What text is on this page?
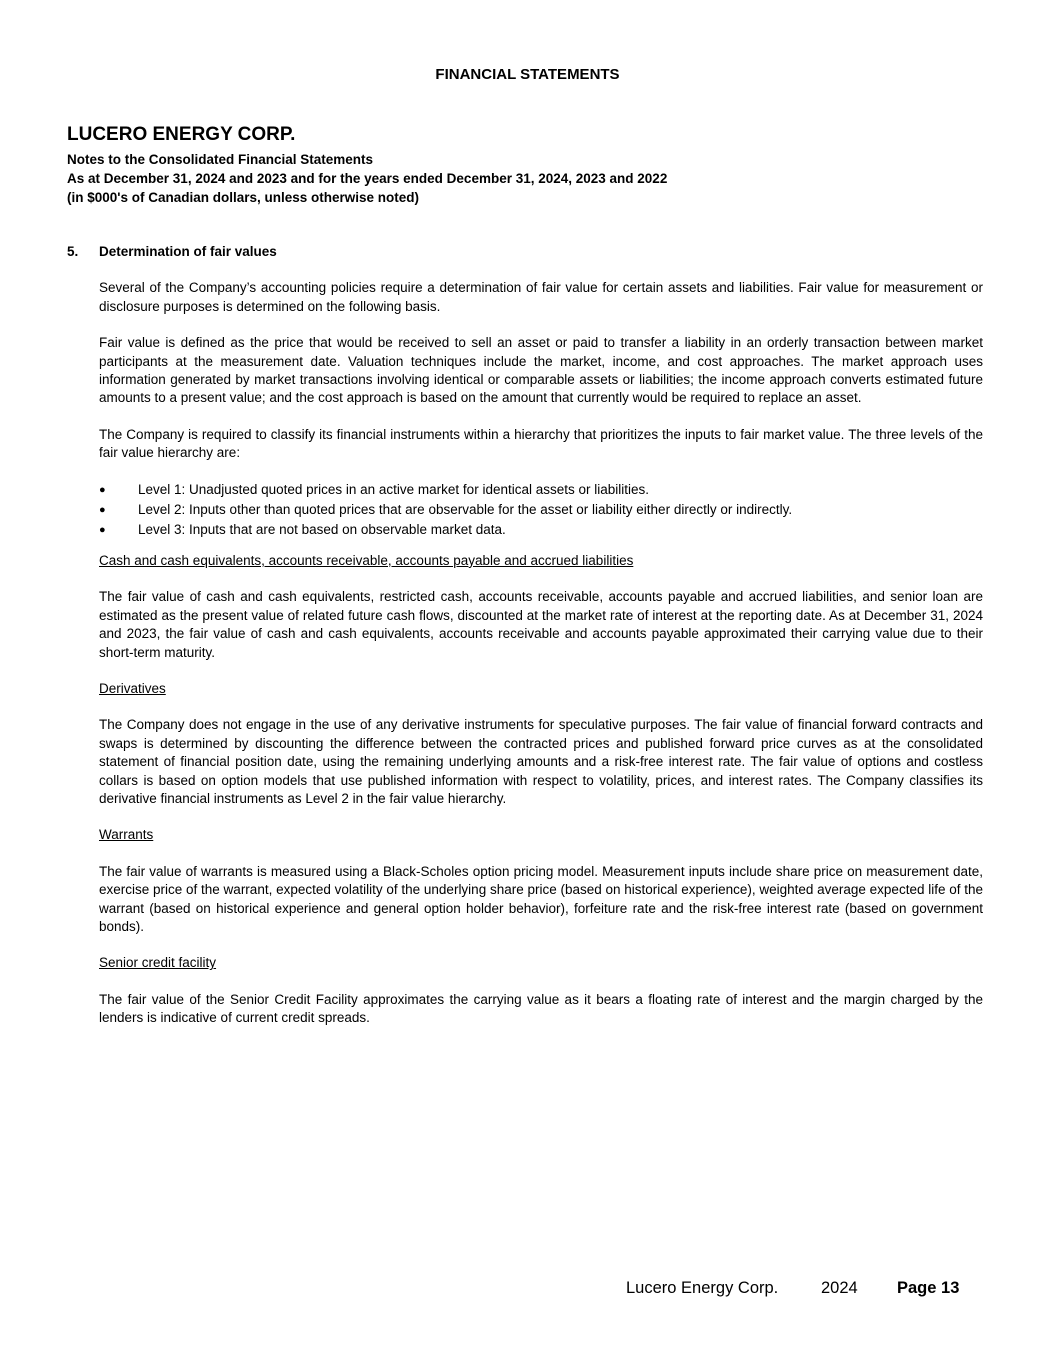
FINANCIAL STATEMENTS
LUCERO ENERGY CORP.
Notes to the Consolidated Financial Statements
As at December 31, 2024 and 2023 and for the years ended December 31, 2024, 2023 and 2022
(in $000's of Canadian dollars, unless otherwise noted)
5.	Determination of fair values

Several of the Company’s accounting policies require a determination of fair value for certain assets and liabilities. Fair value for measurement or disclosure purposes is determined on the following basis.

Fair value is defined as the price that would be received to sell an asset or paid to transfer a liability in an orderly transaction between market participants at the measurement date. Valuation techniques include the market, income, and cost approaches. The market approach uses information generated by market transactions involving identical or comparable assets or liabilities; the income approach converts estimated future amounts to a present value; and the cost approach is based on the amount that currently would be required to replace an asset.

The Company is required to classify its financial instruments within a hierarchy that prioritizes the inputs to fair market value. The three levels of the fair value hierarchy are:

●	Level 1: Unadjusted quoted prices in an active market for identical assets or liabilities.
●	Level 2: Inputs other than quoted prices that are observable for the asset or liability either directly or indirectly.
●	Level 3: Inputs that are not based on observable market data.
Cash and cash equivalents, accounts receivable, accounts payable and accrued liabilities

The fair value of cash and cash equivalents, restricted cash, accounts receivable, accounts payable and accrued liabilities, and senior loan are estimated as the present value of related future cash flows, discounted at the market rate of interest at the reporting date. As at December 31, 2024 and 2023, the fair value of cash and cash equivalents, accounts receivable and accounts payable approximated their carrying value due to their short-term maturity.

Derivatives

The Company does not engage in the use of any derivative instruments for speculative purposes. The fair value of financial forward contracts and swaps is determined by discounting the difference between the contracted prices and published forward price curves as at the consolidated statement of financial position date, using the remaining underlying amounts and a risk-free interest rate. The fair value of options and costless collars is based on option models that use published information with respect to volatility, prices, and interest rates. The Company classifies its derivative financial instruments as Level 2 in the fair value hierarchy.

Warrants

The fair value of warrants is measured using a Black-Scholes option pricing model. Measurement inputs include share price on measurement date, exercise price of the warrant, expected volatility of the underlying share price (based on historical experience), weighted average expected life of the warrant (based on historical experience and general option holder behavior), forfeiture rate and the risk-free interest rate (based on government bonds).

Senior credit facility

The fair value of the Senior Credit Facility approximates the carrying value as it bears a floating rate of interest and the margin charged by the lenders is indicative of current credit spreads.

Lucero Energy Corp.	2024	Page 13
